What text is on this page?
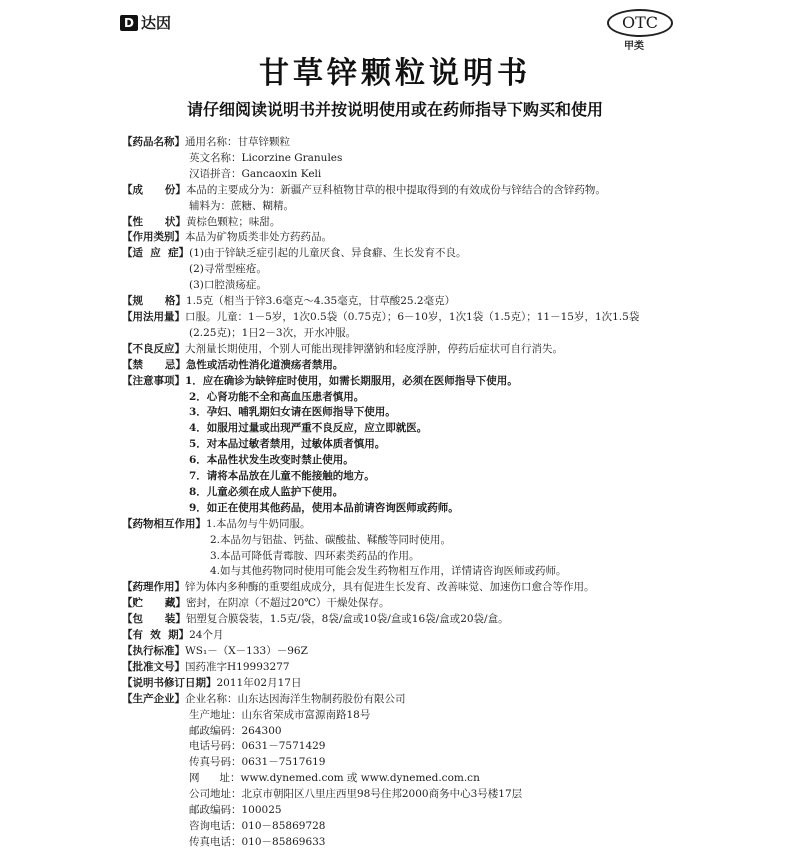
D 达因	OTC
甲类
甘草锌颗粒说明书
请仔细阅读说明书并按说明使用或在药师指导下购买和使用
【药品名称】 通用名称：甘草锌颗粒
英文名称：Licorzine Granules
汉语拼音：Gancaoxin Keli
【成      份】 本品的主要成分为：新疆产豆科植物甘草的根中提取得到的有效成份与锌结合的含锌药物。
辅料为：蔗糖、糊精。
【性      状】 黄棕色颗粒；味甜。
【作用类别】 本品为矿物质类非处方药药品。
【适  应  症】 (1)由于锌缺乏症引起的儿童厌食、异食癖、生长发育不良。
(2)寻常型痤疮。
(3)口腔溃疡症。
【规      格】 1.5克（相当于锌3.6毫克～4.35毫克，甘草酸25.2毫克）
【用法用量】 口服。儿童：1－5岁，1次0.5袋（0.75克）；6－10岁，1次1袋（1.5克）；11－15岁，1次1.5袋
(2.25克)；1日2－3次，开水冲服。
【不良反应】 大剂量长期使用，个别人可能出现排钾潴钠和轻度浮肿，停药后症状可自行消失。
【禁      忌】 急性或活动性消化道溃疡者禁用。
【注意事项】 1．应在确诊为缺锌症时使用，如需长期服用，必须在医师指导下使用。
2．心肾功能不全和高血压患者慎用。
3．孕妇、哺乳期妇女请在医师指导下使用。
4．如服用过量或出现严重不良反应，应立即就医。
5．对本品过敏者禁用，过敏体质者慎用。
6．本品性状发生改变时禁止使用。
7．请将本品放在儿童不能接触的地方。
8．儿童必须在成人监护下使用。
9．如正在使用其他药品，使用本品前请咨询医师或药师。
【药物相互作用】 1.本品勿与牛奶同服。
2.本品勿与铝盐、钙盐、碳酸盐、鞣酸等同时使用。
3.本品可降低青霉胺、四环素类药品的作用。
4.如与其他药物同时使用可能会发生药物相互作用，详情请咨询医师或药师。
【药理作用】 锌为体内多种酶的重要组成成分，具有促进生长发育、改善味觉、加速伤口愈合等作用。
【贮      藏】 密封，在阴凉（不超过20℃）干燥处保存。
【包      装】 铝塑复合膜袋装，1.5克/袋，8袋/盒或10袋/盒或16袋/盒或20袋/盒。
【有  效  期】 24个月
【执行标准】 WS₁－（X－133）－96Z
【批准文号】 国药准字H19993277
【说明书修订日期】 2011年02月17日
【生产企业】 企业名称：山东达因海洋生物制药股份有限公司
生产地址：山东省荣成市富源南路18号
邮政编码：264300
电话号码：0631－7571429
传真号码：0631－7517619
网      址：www.dynemed.com 或 www.dynemed.com.cn
公司地址：北京市朝阳区八里庄西里98号住邦2000商务中心3号楼17层
邮政编码：100025
咨询电话：010－85869728
传真电话：010－85869633
